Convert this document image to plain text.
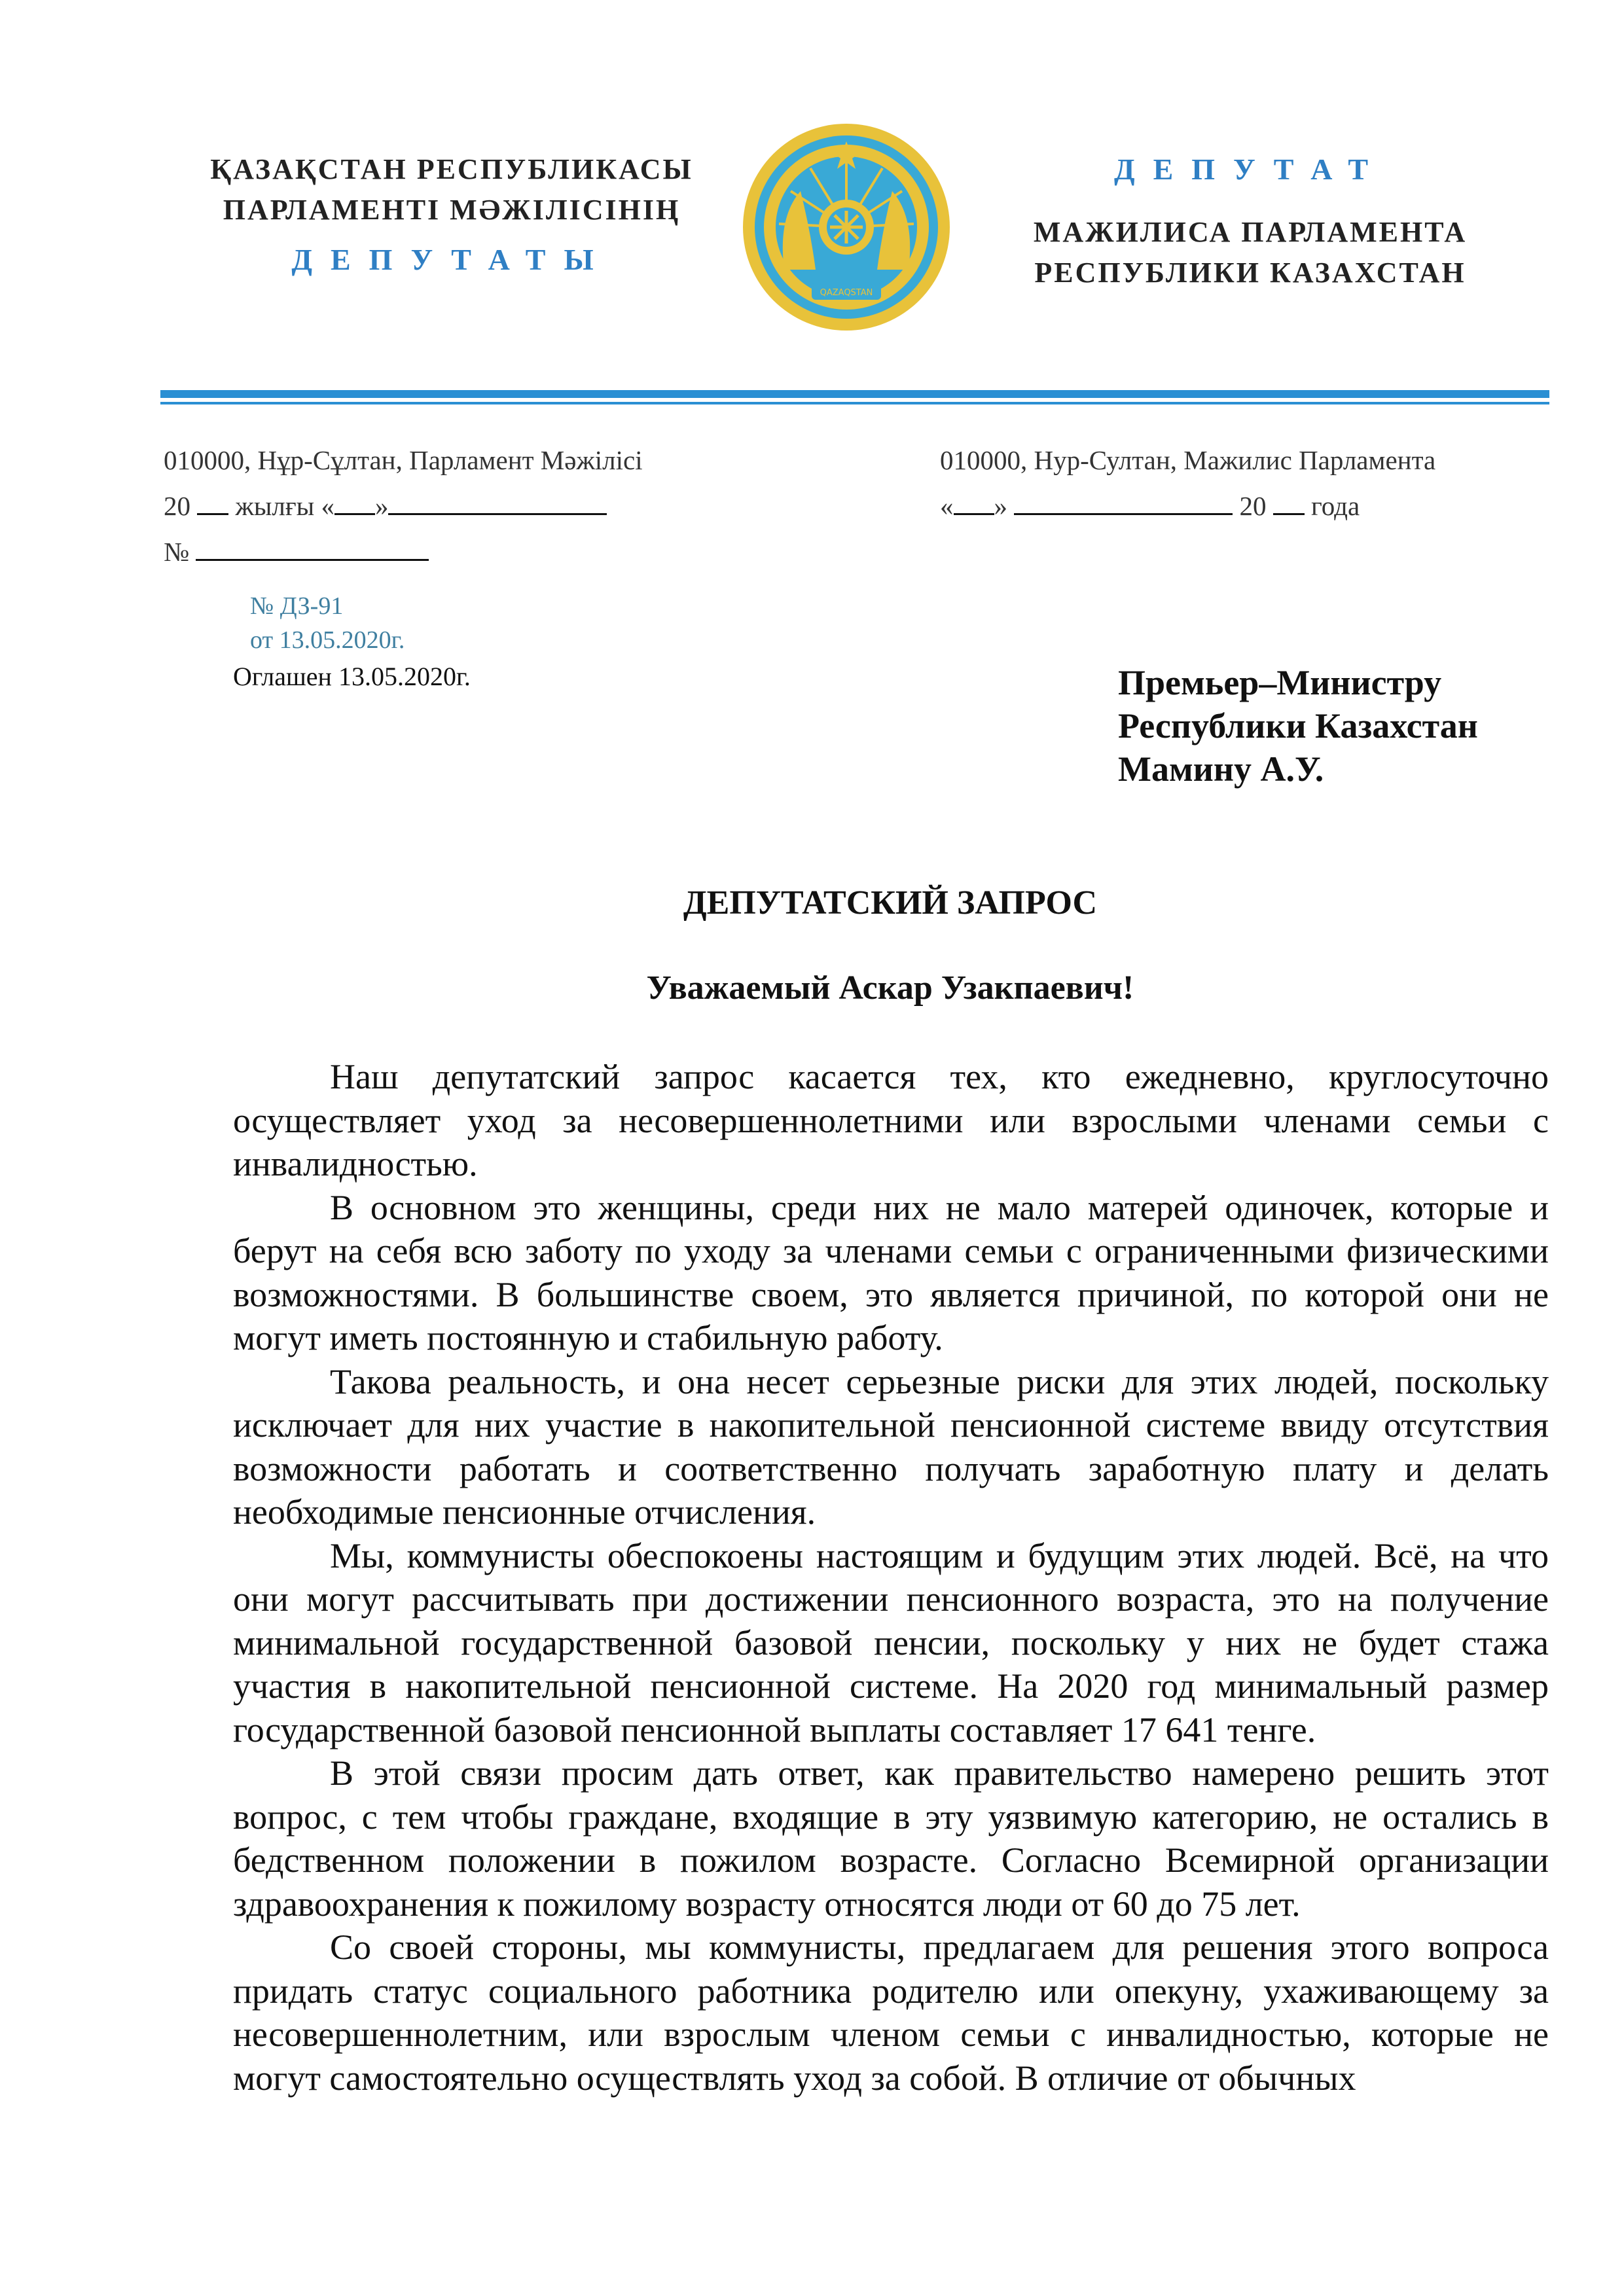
ҚАЗАҚСТАН РЕСПУБЛИКАСЫ
ПАРЛАМЕНТІ МӘЖІЛІСІНІҢ
ДЕПУТАТЫ
QAZAQSTAN
ДЕПУТАТ
МАЖИЛИСА ПАРЛАМЕНТА
РЕСПУБЛИКИ КАЗАХСТАН
010000, Нұр-Сұлтан, Парламент Мәжілісі
20 жылғы « »
№
010000, Нур-Султан, Мажилис Парламента
« »	20 года
№ ДЗ-91
от 13.05.2020г.
Оглашен 13.05.2020г.	Премьер–Министру
Республики Казахстан
Мамину А.У.
ДЕПУТАТСКИЙ ЗАПРОС
Уважаемый Аскар Узакпаевич!

Наш депутатский запрос касается тех, кто ежедневно, круглосуточно осуществляет уход за несовершеннолетними или взрослыми членами семьи с инвалидностью.

В основном это женщины, среди них не мало матерей одиночек, которые и берут на себя всю заботу по уходу за членами семьи с ограниченными физическими возможностями. В большинстве своем, это является причиной, по которой они не могут иметь постоянную и стабильную работу.

Такова реальность, и она несет серьезные риски для этих людей, поскольку исключает для них участие в накопительной пенсионной системе ввиду отсутствия возможности работать и соответственно получать заработную плату и делать необходимые пенсионные отчисления.

Мы, коммунисты обеспокоены настоящим и будущим этих людей. Всё, на что они могут рассчитывать при достижении пенсионного возраста, это на получение минимальной государственной базовой пенсии, поскольку у них не будет стажа участия в накопительной пенсионной системе. На 2020 год минимальный размер государственной базовой пенсионной выплаты составляет 17 641 тенге.

В этой связи просим дать ответ, как правительство намерено решить этот вопрос, с тем чтобы граждане, входящие в эту уязвимую категорию, не остались в бедственном положении в пожилом возрасте. Согласно Всемирной организации здравоохранения к пожилому возрасту относятся люди от 60 до 75 лет.

Со своей стороны, мы коммунисты, предлагаем для решения этого вопроса придать статус социального работника родителю или опекуну, ухаживающему за несовершеннолетним, или взрослым членом семьи с инвалидностью, которые не могут самостоятельно осуществлять уход за собой. В отличие от обычных
